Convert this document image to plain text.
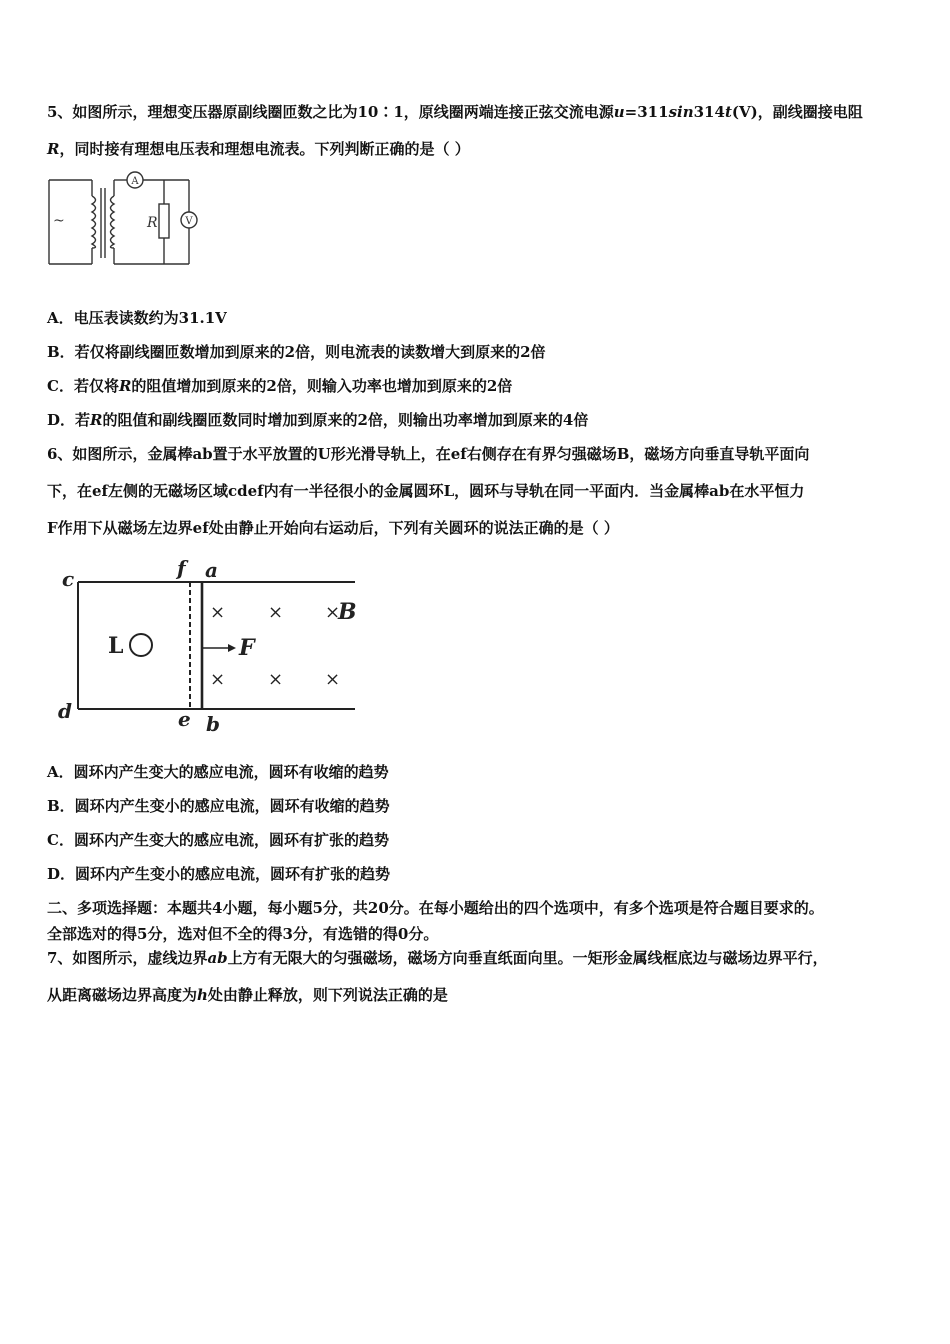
5、如图所示，理想变压器原副线圈匝数之比为10∶1，原线圈两端连接正弦交流电源u=311sin314t(V)，副线圈接电阻
R，同时接有理想电压表和理想电流表。下列判断正确的是（ ）
~
A
V
R
A．电压表读数约为31.1V
B．若仅将副线圈匝数增加到原来的2倍，则电流表的读数增大到原来的2倍
C．若仅将R的阻值增加到原来的2倍，则输入功率也增加到原来的2倍
D．若R的阻值和副线圈匝数同时增加到原来的2倍，则输出功率增加到原来的4倍
6、如图所示，金属棒ab置于水平放置的U形光滑导轨上，在ef右侧存在有界匀强磁场B，磁场方向垂直导轨平面向
下，在ef左侧的无磁场区域cdef内有一半径很小的金属圆环L，圆环与导轨在同一平面内．当金属棒ab在水平恒力
F作用下从磁场左边界ef处由静止开始向右运动后，下列有关圆环的说法正确的是（ ）
c
d
f a
e b
L	F
B
× × ×
× × ×
A．圆环内产生变大的感应电流，圆环有收缩的趋势
B．圆环内产生变小的感应电流，圆环有收缩的趋势
C．圆环内产生变大的感应电流，圆环有扩张的趋势
D．圆环内产生变小的感应电流，圆环有扩张的趋势
二、多项选择题：本题共4小题，每小题5分，共20分。在每小题给出的四个选项中，有多个选项是符合题目要求的。
全部选对的得5分，选对但不全的得3分，有选错的得0分。
7、如图所示，虚线边界ab上方有无限大的匀强磁场，磁场方向垂直纸面向里。一矩形金属线框底边与磁场边界平行，
从距离磁场边界高度为h处由静止释放，则下列说法正确的是
